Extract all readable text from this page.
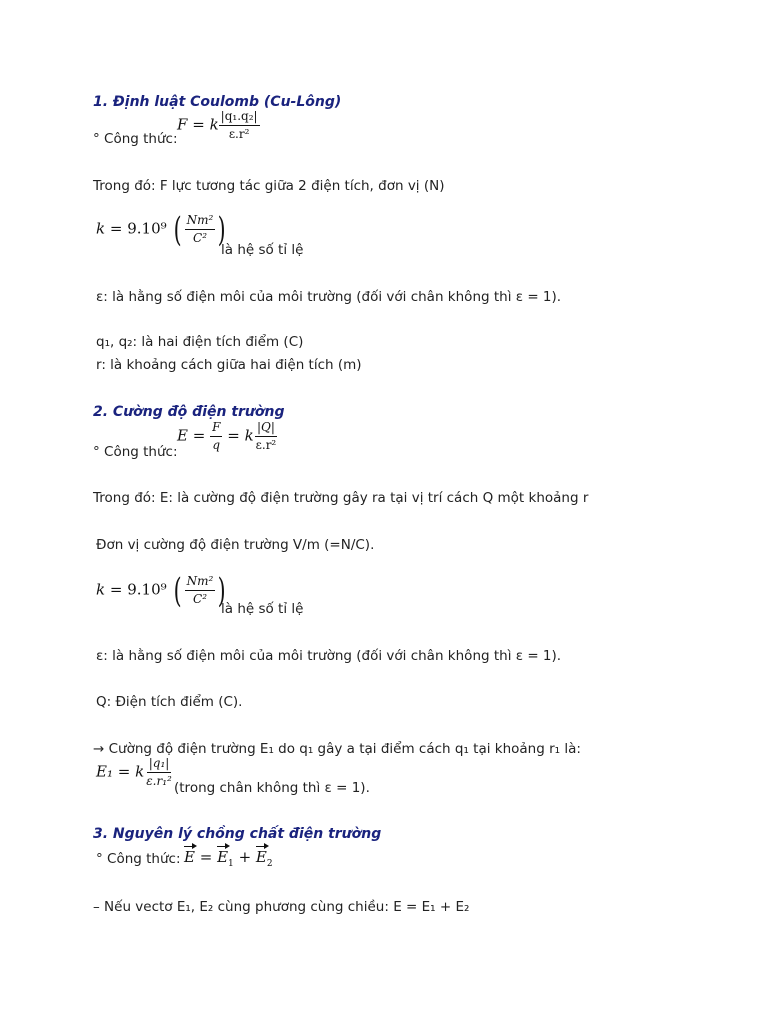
1. Định luật Coulomb (Cu-Lông)
° Công thức:
F = k $\frac{\text{|q₁.q₂|}}{\text{ε.r²}}$
Trong đó: F lực tương tác giữa 2 điện tích, đơn vị (N)
k = 9.10⁹ ( $\frac{\text{Nm²}}{\text{C²}}$ )
là hệ số tỉ lệ
ε: là hằng số điện môi của môi trường (đối với chân không thì ε = 1).
q₁, q₂: là hai điện tích điểm (C)
r: là khoảng cách giữa hai điện tích (m)
2. Cường độ điện trường
° Công thức:
$E = \frac{F}{q} = k \frac{|Q|}{\text{ε.r²}}$
Trong đó: E: là cường độ điện trường gây ra tại vị trí cách Q một khoảng r
Đơn vị cường độ điện trường V/m (=N/C).
k = 9.10⁹ ( $\frac{\text{Nm²}}{\text{C²}}$ )
là hệ số tỉ lệ
ε: là hằng số điện môi của môi trường (đối với chân không thì ε = 1).
Q: Điện tích điểm (C).
→ Cường độ điện trường E₁ do q₁ gây a tại điểm cách q₁ tại khoảng r₁ là:
E₁ = k $\frac{\text{|q₁|}}{\text{ε.r₁²}}$ (trong chân không thì ε = 1).
3. Nguyên lý chồng chất điện trường
° Công thức: $E = E_1 + E_2$
– Nếu vectơ E₁, E₂ cùng phương cùng chiều: E = E₁ + E₂
